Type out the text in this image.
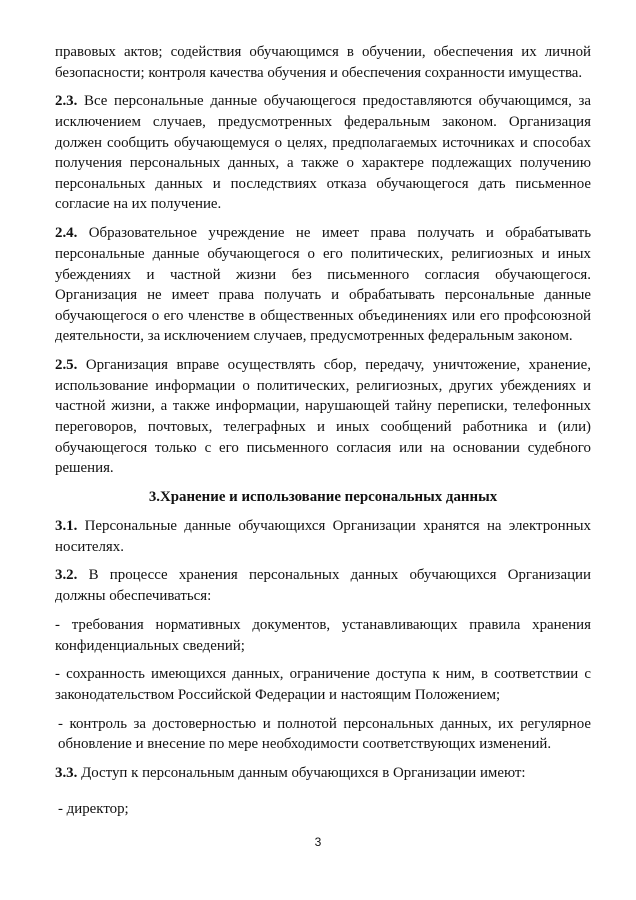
правовых актов; содействия обучающимся в обучении, обеспечения их личной безопасности; контроля качества обучения и обеспечения сохранности имущества.

2.3. Все персональные данные обучающегося предоставляются обучающимся, за исключением случаев, предусмотренных федеральным законом. Организация должен сообщить обучающемуся о целях, предполагаемых источниках и способах получения персональных данных, а также о характере подлежащих получению персональных данных и последствиях отказа обучающегося дать письменное согласие на их получение.

2.4. Образовательное учреждение не имеет права получать и обрабатывать персональные данные обучающегося о его политических, религиозных и иных убеждениях и частной жизни без письменного согласия обучающегося. Организация не имеет права получать и обрабатывать персональные данные обучающегося о его членстве в общественных объединениях или его профсоюзной деятельности, за исключением случаев, предусмотренных федеральным законом.

2.5. Организация вправе осуществлять сбор, передачу, уничтожение, хранение, использование информации о политических, религиозных, других убеждениях и частной жизни, а также информации, нарушающей тайну переписки, телефонных переговоров, почтовых, телеграфных и иных сообщений работника и (или) обучающегося только с его письменного согласия или на основании судебного решения.

3.Хранение и использование персональных данных

3.1. Персональные данные обучающихся Организации хранятся на электронных носителях.

3.2. В процессе хранения персональных данных обучающихся Организации должны обеспечиваться:

- требования нормативных документов, устанавливающих правила хранения конфиденциальных сведений;

- сохранность имеющихся данных, ограничение доступа к ним, в соответствии с законодательством Российской Федерации и настоящим Положением;

- контроль за достоверностью и полнотой персональных данных, их регулярное обновление и внесение по мере необходимости соответствующих изменений.

3.3. Доступ к персональным данным обучающихся в Организации имеют:

- директор;

3
